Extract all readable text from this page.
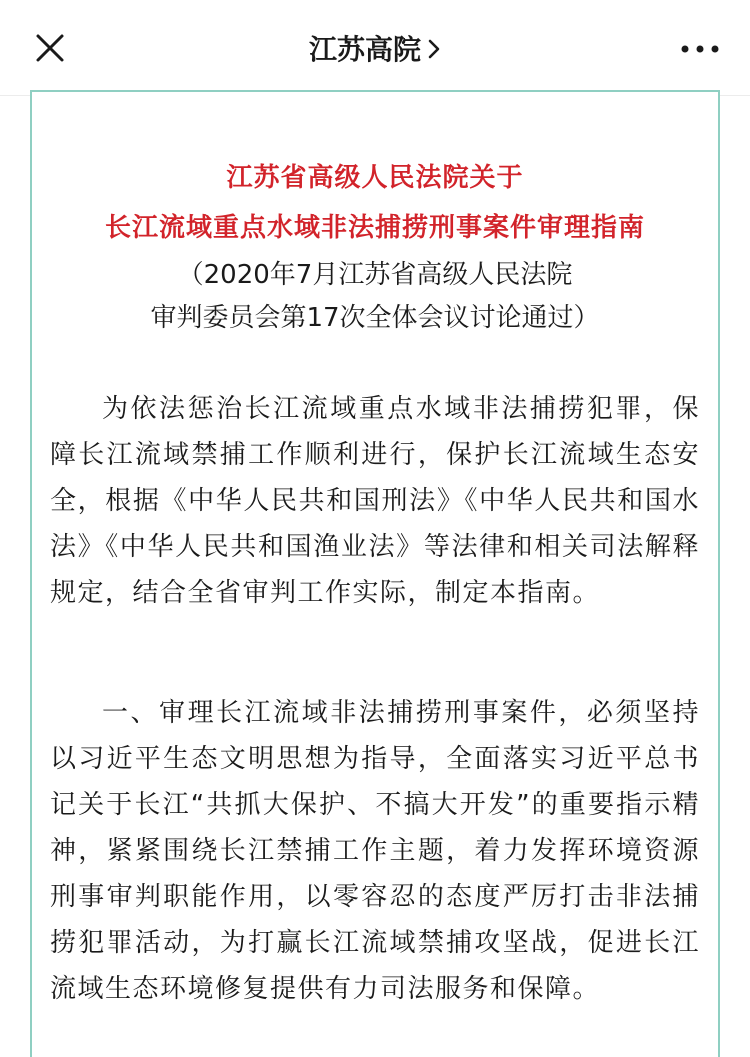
江苏高院
江苏省高级人民法院关于
长江流域重点水域非法捕捞刑事案件审理指南
（2020年7月江苏省高级人民法院
审判委员会第17次全体会议讨论通过）
为依法惩治长江流域重点水域非法捕捞犯罪，保障长江流域禁捕工作顺利进行，保护长江流域生态安全，根据《中华人民共和国刑法》《中华人民共和国水法》《中华人民共和国渔业法》等法律和相关司法解释规定，结合全省审判工作实际，制定本指南。
一、审理长江流域非法捕捞刑事案件，必须坚持以习近平生态文明思想为指导，全面落实习近平总书记关于长江“共抓大保护、不搞大开发”的重要指示精神，紧紧围绕长江禁捕工作主题，着力发挥环境资源刑事审判职能作用，以零容忍的态度严厉打击非法捕捞犯罪活动，为打赢长江流域禁捕攻坚战，促进长江流域生态环境修复提供有力司法服务和保障。
